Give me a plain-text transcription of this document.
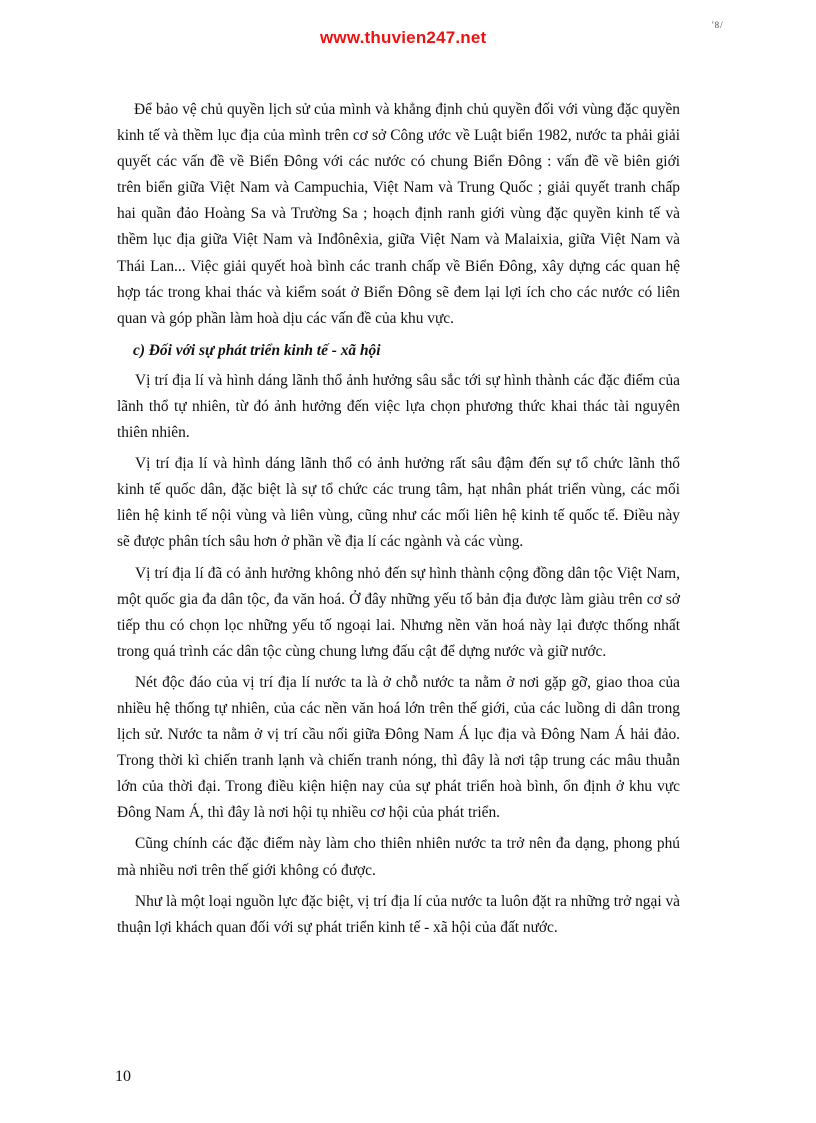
www.thuvien247.net
'8/

Để bảo vệ chủ quyền lịch sử của mình và khẳng định chủ quyền đối với vùng đặc quyền kinh tế và thềm lục địa của mình trên cơ sở Công ước về Luật biển 1982, nước ta phải giải quyết các vấn đề về Biển Đông với các nước có chung Biển Đông : vấn đề về biên giới trên biển giữa Việt Nam và Campuchia, Việt Nam và Trung Quốc ; giải quyết tranh chấp hai quần đảo Hoàng Sa và Trường Sa ; hoạch định ranh giới vùng đặc quyền kinh tế và thềm lục địa giữa Việt Nam và Inđônêxia, giữa Việt Nam và Malaixia, giữa Việt Nam và Thái Lan... Việc giải quyết hoà bình các tranh chấp về Biển Đông, xây dựng các quan hệ hợp tác trong khai thác và kiểm soát ở Biển Đông sẽ đem lại lợi ích cho các nước có liên quan và góp phần làm hoà dịu các vấn đề của khu vực.

c) Đối với sự phát triển kinh tế - xã hội

Vị trí địa lí và hình dáng lãnh thổ ảnh hưởng sâu sắc tới sự hình thành các đặc điểm của lãnh thổ tự nhiên, từ đó ảnh hưởng đến việc lựa chọn phương thức khai thác tài nguyên thiên nhiên.

Vị trí địa lí và hình dáng lãnh thổ có ảnh hưởng rất sâu đậm đến sự tổ chức lãnh thổ kinh tế quốc dân, đặc biệt là sự tổ chức các trung tâm, hạt nhân phát triển vùng, các mối liên hệ kinh tế nội vùng và liên vùng, cũng như các mối liên hệ kinh tế quốc tế. Điều này sẽ được phân tích sâu hơn ở phần về địa lí các ngành và các vùng.

Vị trí địa lí đã có ảnh hưởng không nhỏ đến sự hình thành cộng đồng dân tộc Việt Nam, một quốc gia đa dân tộc, đa văn hoá. Ở đây những yếu tố bản địa được làm giàu trên cơ sở tiếp thu có chọn lọc những yếu tố ngoại lai. Nhưng nền văn hoá này lại được thống nhất trong quá trình các dân tộc cùng chung lưng đấu cật để dựng nước và giữ nước.

Nét độc đáo của vị trí địa lí nước ta là ở chỗ nước ta nằm ở nơi gặp gỡ, giao thoa của nhiều hệ thống tự nhiên, của các nền văn hoá lớn trên thế giới, của các luồng di dân trong lịch sử. Nước ta nằm ở vị trí cầu nối giữa Đông Nam Á lục địa và Đông Nam Á hải đảo. Trong thời kì chiến tranh lạnh và chiến tranh nóng, thì đây là nơi tập trung các mâu thuẫn lớn của thời đại. Trong điều kiện hiện nay của sự phát triển hoà bình, ổn định ở khu vực Đông Nam Á, thì đây là nơi hội tụ nhiều cơ hội của phát triển.

Cũng chính các đặc điểm này làm cho thiên nhiên nước ta trở nên đa dạng, phong phú mà nhiều nơi trên thế giới không có được.

Như là một loại nguồn lực đặc biệt, vị trí địa lí của nước ta luôn đặt ra những trở ngại và thuận lợi khách quan đối với sự phát triển kinh tế - xã hội của đất nước.

10
